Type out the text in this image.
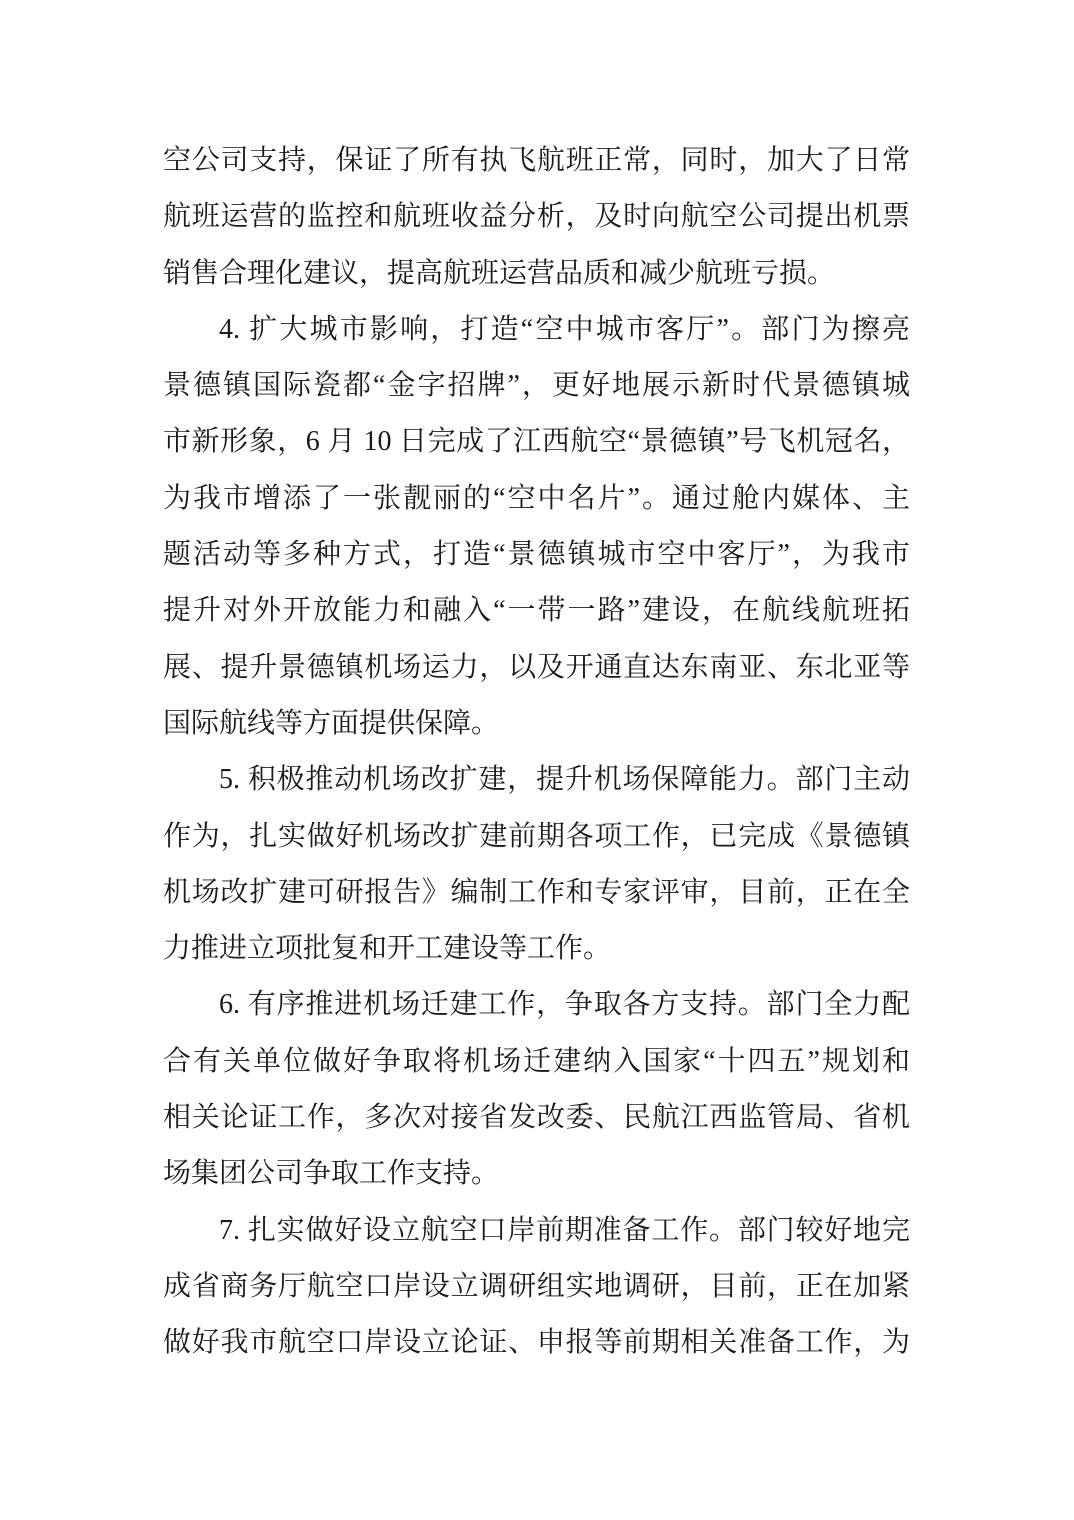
空公司支持，保证了所有执飞航班正常，同时，加大了日常
航班运营的监控和航班收益分析，及时向航空公司提出机票
销售合理化建议，提高航班运营品质和减少航班亏损。
4. 扩大城市影响，打造“空中城市客厅”。部门为擦亮
景德镇国际瓷都“金字招牌”，更好地展示新时代景德镇城
市新形象，6 月 10 日完成了江西航空“景德镇”号飞机冠名，
为我市增添了一张靓丽的“空中名片”。通过舱内媒体、主
题活动等多种方式，打造“景德镇城市空中客厅”，为我市
提升对外开放能力和融入“一带一路”建设，在航线航班拓
展、提升景德镇机场运力，以及开通直达东南亚、东北亚等
国际航线等方面提供保障。
5. 积极推动机场改扩建，提升机场保障能力。部门主动
作为，扎实做好机场改扩建前期各项工作，已完成《景德镇
机场改扩建可研报告》编制工作和专家评审，目前，正在全
力推进立项批复和开工建设等工作。
6. 有序推进机场迁建工作，争取各方支持。部门全力配
合有关单位做好争取将机场迁建纳入国家“十四五”规划和
相关论证工作，多次对接省发改委、民航江西监管局、省机
场集团公司争取工作支持。
7. 扎实做好设立航空口岸前期准备工作。部门较好地完
成省商务厅航空口岸设立调研组实地调研，目前，正在加紧
做好我市航空口岸设立论证、申报等前期相关准备工作，为
